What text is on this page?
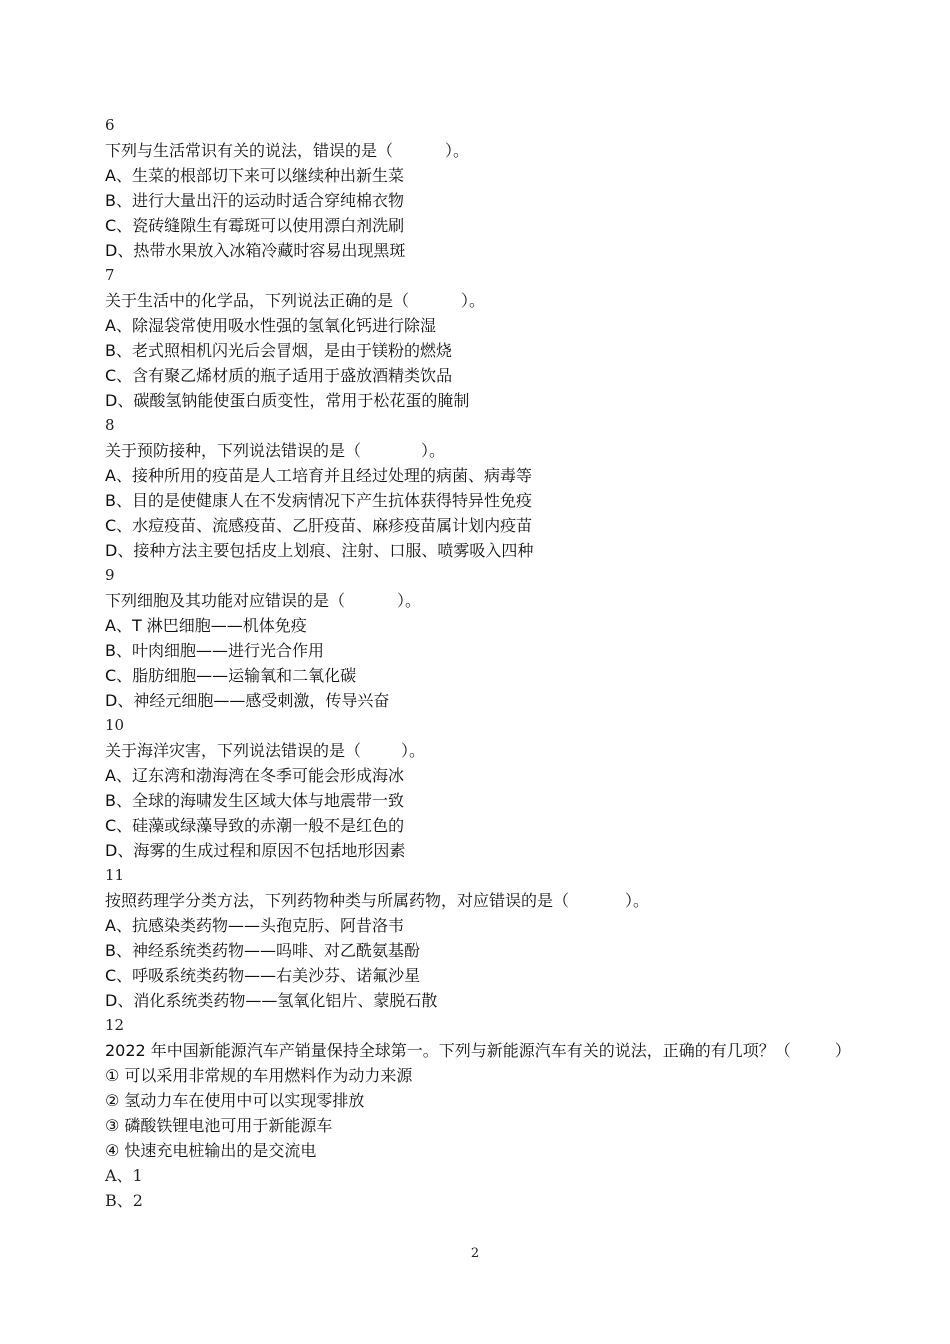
6
下列与生活常识有关的说法，错误的是（	）。
A、生菜的根部切下来可以继续种出新生菜
B、进行大量出汗的运动时适合穿纯棉衣物
C、瓷砖缝隙生有霉斑可以使用漂白剂洗刷
D、热带水果放入冰箱冷藏时容易出现黑斑
7
关于生活中的化学品，下列说法正确的是（	）。
A、除湿袋常使用吸水性强的氢氧化钙进行除湿
B、老式照相机闪光后会冒烟，是由于镁粉的燃烧
C、含有聚乙烯材质的瓶子适用于盛放酒精类饮品
D、碳酸氢钠能使蛋白质变性，常用于松花蛋的腌制
8
关于预防接种，下列说法错误的是（	）。
A、接种所用的疫苗是人工培育并且经过处理的病菌、病毒等
B、目的是使健康人在不发病情况下产生抗体获得特异性免疫
C、水痘疫苗、流感疫苗、乙肝疫苗、麻疹疫苗属计划内疫苗
D、接种方法主要包括皮上划痕、注射、口服、喷雾吸入四种
9
下列细胞及其功能对应错误的是（	）。
A、T 淋巴细胞——机体免疫
B、叶肉细胞——进行光合作用
C、脂肪细胞——运输氧和二氧化碳
D、神经元细胞——感受刺激，传导兴奋
10
关于海洋灾害，下列说法错误的是（	）。
A、辽东湾和渤海湾在冬季可能会形成海冰
B、全球的海啸发生区域大体与地震带一致
C、硅藻或绿藻导致的赤潮一般不是红色的
D、海雾的生成过程和原因不包括地形因素
11
按照药理学分类方法，下列药物种类与所属药物，对应错误的是（	）。
A、抗感染类药物——头孢克肟、阿昔洛韦
B、神经系统类药物——吗啡、对乙酰氨基酚
C、呼吸系统类药物——右美沙芬、诺氟沙星
D、消化系统类药物——氢氧化铝片、蒙脱石散
12
2022 年中国新能源汽车产销量保持全球第一。下列与新能源汽车有关的说法，正确的有几项？（	）
① 可以采用非常规的车用燃料作为动力来源
② 氢动力车在使用中可以实现零排放
③ 磷酸铁锂电池可用于新能源车
④ 快速充电桩输出的是交流电
A、1
B、2
2
